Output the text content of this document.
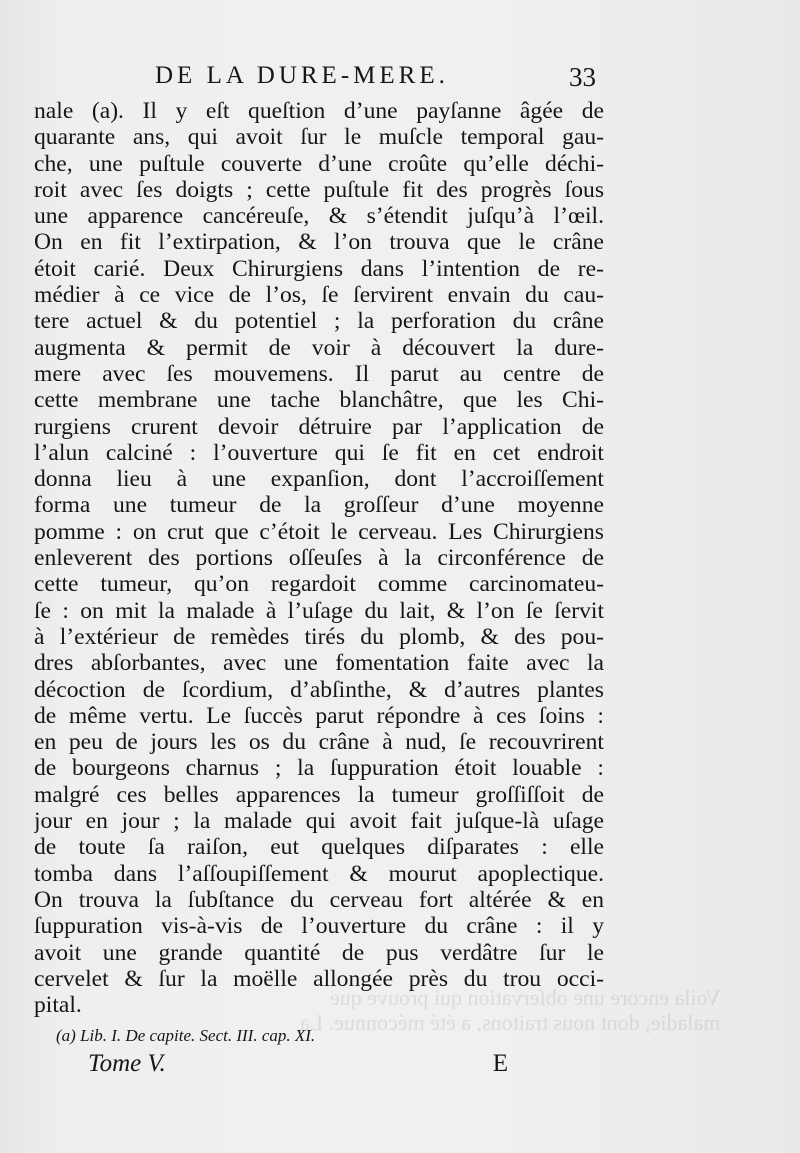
Voila encore une obſervation qui prouve que
maladie, dont nous traitons, a été méconnue. La
DE LA DURE-MERE.	33
nale (a). Il y eſt queſtion d’une payſanne âgée de
quarante ans, qui avoit ſur le muſcle temporal gau-
che, une puſtule couverte d’une croûte qu’elle déchi-
roit avec ſes doigts ; cette puſtule fit des progrès ſous
une apparence cancéreuſe, & s’étendit juſqu’à l’œil.
On en fit l’extirpation, & l’on trouva que le crâne
étoit carié. Deux Chirurgiens dans l’intention de re-
médier à ce vice de l’os, ſe ſervirent envain du cau-
tere actuel & du potentiel ; la perforation du crâne
augmenta & permit de voir à découvert la dure-
mere avec ſes mouvemens. Il parut au centre de
cette membrane une tache blanchâtre, que les Chi-
rurgiens crurent devoir détruire par l’application de
l’alun calciné : l’ouverture qui ſe fit en cet endroit
donna lieu à une expanſion, dont l’accroiſſement
forma une tumeur de la groſſeur d’une moyenne
pomme : on crut que c’étoit le cerveau. Les Chirurgiens
enleverent des portions oſſeuſes à la circonférence de
cette tumeur, qu’on regardoit comme carcinomateu-
ſe : on mit la malade à l’uſage du lait, & l’on ſe ſervit
à l’extérieur de remèdes tirés du plomb, & des pou-
dres abſorbantes, avec une fomentation faite avec la
décoction de ſcordium, d’abſinthe, & d’autres plantes
de même vertu. Le ſuccès parut répondre à ces ſoins :
en peu de jours les os du crâne à nud, ſe recouvrirent
de bourgeons charnus ; la ſuppuration étoit louable :
malgré ces belles apparences la tumeur groſſiſſoit de
jour en jour ; la malade qui avoit fait juſque-là uſage
de toute ſa raiſon, eut quelques diſparates : elle
tomba dans l’aſſoupiſſement & mourut apoplectique.
On trouva la ſubſtance du cerveau fort altérée & en
ſuppuration vis-à-vis de l’ouverture du crâne : il y
avoit une grande quantité de pus verdâtre ſur le
cervelet & ſur la moëlle allongée près du trou occi-
pital.
(a) Lib. I. De capite. Sect. III. cap. XI.
Tome V.	E
